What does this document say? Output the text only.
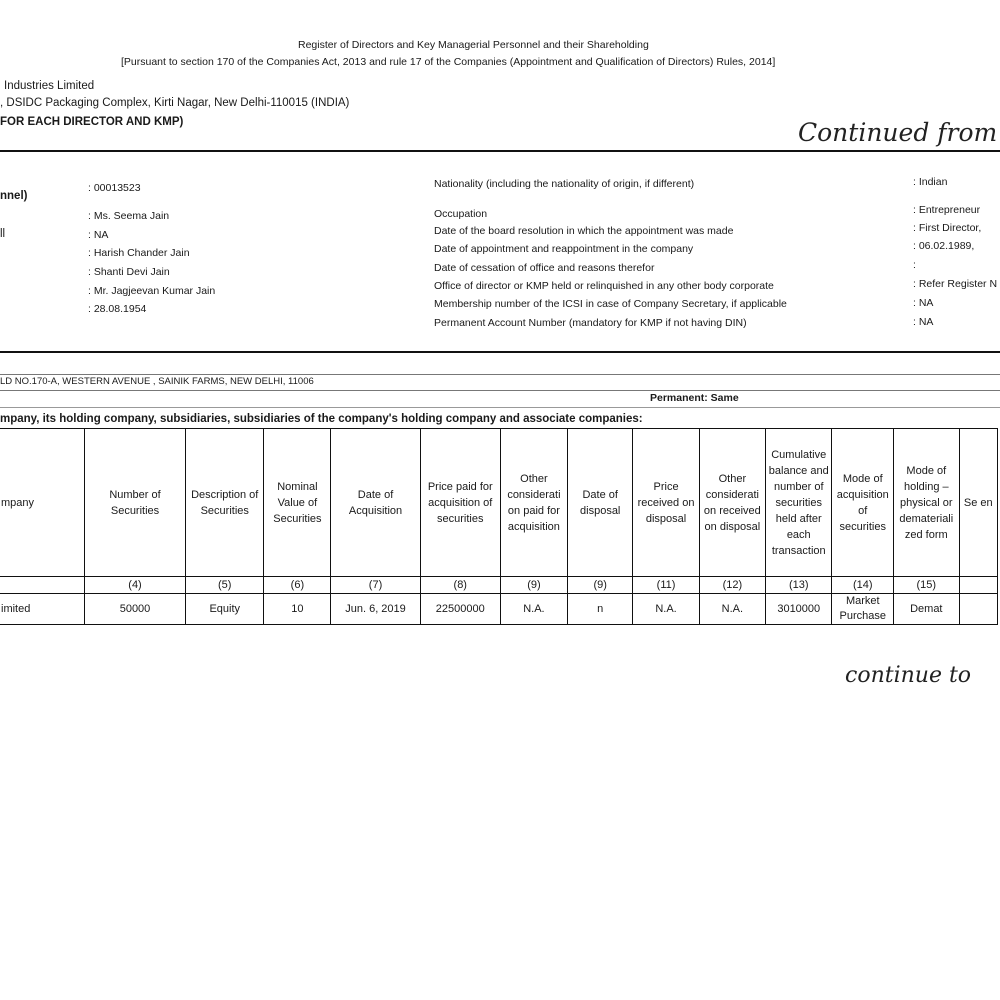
Register of Directors and Key Managerial Personnel and their Shareholding
[Pursuant to section 170 of the Companies Act, 2013 and rule 17 of the Companies (Appointment and Qualification of Directors) Rules, 2014]
Industries Limited
, DSIDC Packaging Complex, Kirti Nagar, New Delhi-110015 (INDIA)
FOR EACH DIRECTOR AND KMP)	Continued from
nnel)
ll
: 00013523
: Ms. Seema Jain
: NA
: Harish Chander Jain
: Shanti Devi Jain
: Mr. Jagjeevan Kumar Jain
: 28.08.1954
Nationality (including the nationality of origin, if different)	: Indian
Occupation	: Entrepreneur
Date of the board resolution in which the appointment was made	: First Director,
Date of appointment and reappointment in the company	: 06.02.1989,
Date of cessation of office and reasons therefor	:
Office of director or KMP held or relinquished in any other body corporate	: Refer Register N
Membership number of the ICSI in case of Company Secretary, if applicable	: NA
Permanent Account Number (mandatory for KMP if not having DIN)	: NA
LD NO.170-A, WESTERN AVENUE , SAINIK FARMS, NEW DELHI, 11006
Permanent: Same
mpany, its holding company, subsidiaries, subsidiaries of the company's holding company and associate companies:
mpany	Number of Securities	Description of Securities	Nominal Value of Securities	Date of Acquisition	Price paid for acquisition of securities	Other considerati on paid for acquisition	Date of disposal	Price received on disposal	Other considerati on received on disposal	Cumulative balance and number of securities held after each transaction	Mode of acquisition of securities	Mode of holding – physical or demateriali zed form	Se en
	(4)	(5)	(6)	(7)	(8)	(9)	(9)	(11)	(12)	(13)	(14)	(15)	
imited	50000	Equity	10	Jun. 6, 2019	22500000	N.A.	n	N.A.	N.A.	3010000	Market Purchase	Demat	
continue to
